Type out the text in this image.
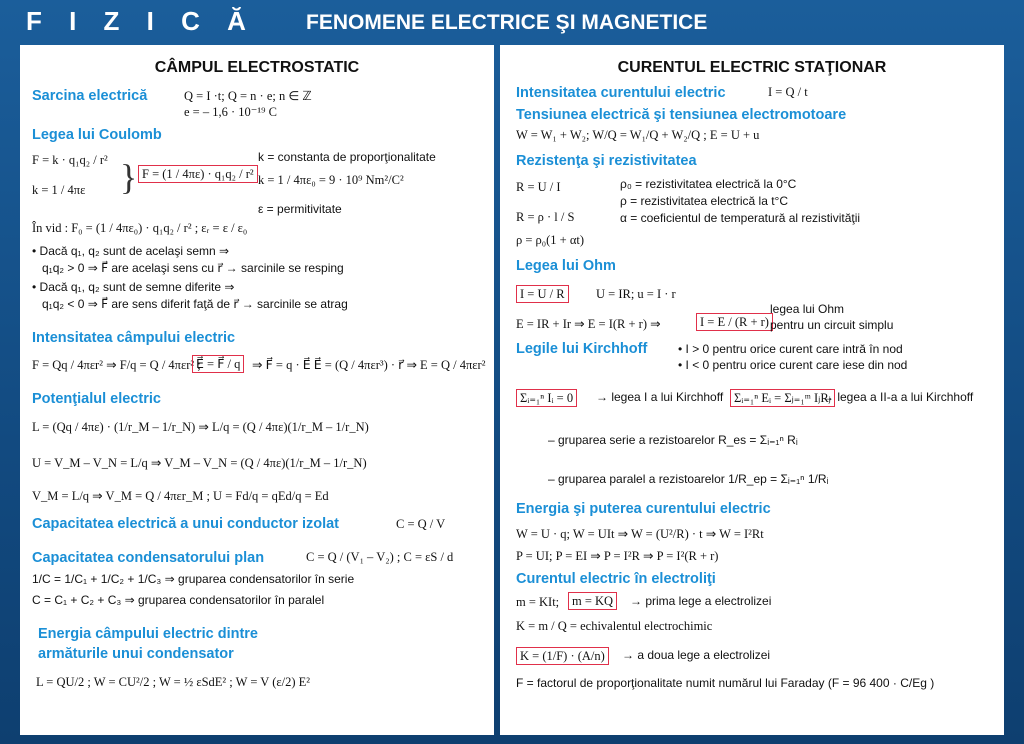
F I Z I C Ă FENOMENE ELECTRICE ŞI MAGNETICE
CÂMPUL ELECTROSTATIC
Sarcina electrică	Q = I ·t; Q = n · e; n ∈ ℤ
e = – 1,6 · 10⁻¹⁹ C
Legea lui Coulomb
F = k · q₁q₂ / r²
k = 1 / 4πε } F = (1 / 4πε) · q₁q₂ / r²
k = constanta de proporţionalitate
k = 1 / 4πε₀ = 9 · 10⁹ Nm²/C²
ε = permitivitate
În vid : F₀ = (1 / 4πε₀) · q₁q₂ / r² ; εᵣ = ε / ε₀
• Dacă q₁, q₂ sunt de acelaşi semn ⇒
q₁q₂ > 0 ⇒ F⃗ are acelaşi sens cu r⃗ → sarcinile se resping
• Dacă q₁, q₂ sunt de semne diferite ⇒
q₁q₂ < 0 ⇒ F⃗ are sens diferit faţă de r⃗ → sarcinile se atrag
Intensitatea câmpului electric
F = Qq / 4πεr² ⇒ F/q = Q / 4πεr² ;
E⃗ = F⃗ / q ⇒ F⃗ = q · E⃗ E⃗ = (Q / 4πεr³) · r⃗ ⇒ E = Q / 4πεr²
Potenţialul electric
L = (Qq / 4πε) · (1/r_M – 1/r_N) ⇒ L/q = (Q / 4πε)(1/r_M – 1/r_N)
U = V_M – V_N = L/q ⇒ V_M – V_N = (Q / 4πε)(1/r_M – 1/r_N)
V_M = L/q ⇒ V_M = Q / 4πεr_M ; U = Fd/q = qEd/q = Ed
Capacitatea electrică a unui conductor izolat	C = Q / V
Capacitatea condensatorului plan	C = Q / (V₁ – V₂) ; C = εS / d
1/C = 1/C₁ + 1/C₂ + 1/C₃ ⇒ gruparea condensatorilor în serie
C = C₁ + C₂ + C₃ ⇒ gruparea condensatorilor în paralel
Energia câmpului electric dintre
armăturile unui condensator
L = QU/2 ; W = CU²/2 ; W = ½ εSdE² ; W = V (ε/2) E²
CURENTUL ELECTRIC STAŢIONAR
Intensitatea curentului electric	I = Q / t
Tensiunea electrică şi tensiunea electromotoare
W = W₁ + W₂; W/Q = W₁/Q + W₂/Q ; E = U + u
Rezistenţa şi rezistivitatea
R = U / I
R = ρ · l / S
ρ = ρ₀(1 + αt)
ρ₀ = rezistivitatea electrică la 0°C
ρ = rezistivitatea electrică la t°C
α = coeficientul de temperatură al rezistivităţii
Legea lui Ohm
I = U / R	U = IR; u = I · r
E = IR + Ir ⇒ E = I(R + r) ⇒	I = E / (R + r)
legea lui Ohm
pentru un circuit simplu
Legile lui Kirchhoff	• I > 0 pentru orice curent care intră în nod
• I < 0 pentru orice curent care iese din nod
Σᵢ₌₁ⁿ Iᵢ = 0	→ legea I a lui Kirchhoff Σᵢ₌₁ⁿ Eᵢ = Σⱼ₌₁ᵐ IⱼRⱼ
→ legea a II-a a lui Kirchhoff
– gruparea serie a rezistoarelor R_es = Σᵢ₌₁ⁿ Rᵢ
– gruparea paralel a rezistoarelor 1/R_ep = Σᵢ₌₁ⁿ 1/Rᵢ
Energia şi puterea curentului electric
W = U · q; W = UIt ⇒ W = (U²/R) · t ⇒ W = I²Rt
P = UI; P = EI ⇒ P = I²R ⇒ P = I²(R + r)
Curentul electric în electroliţi
m = KIt;	m = KQ	→ prima lege a electrolizei
K = m / Q = echivalentul electrochimic
K = (1/F) · (A/n)	→ a doua lege a electrolizei
F = factorul de proporţionalitate numit numărul lui Faraday (F = 96 400 · C/Eg )
